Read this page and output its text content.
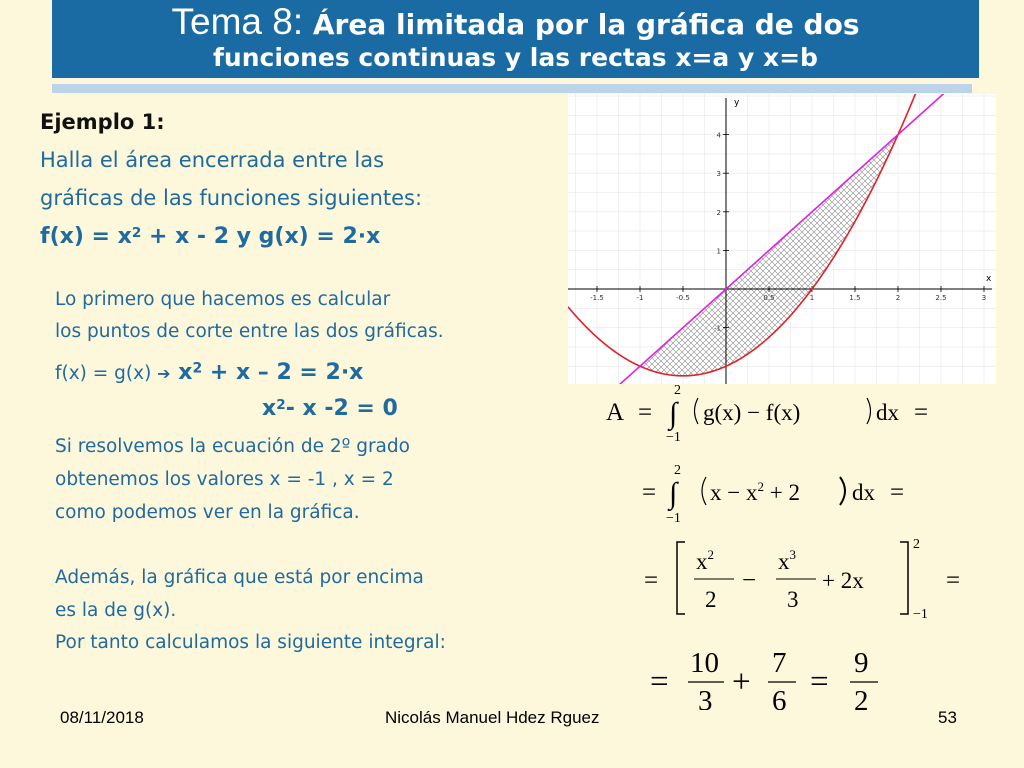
Tema 8: Área limitada por la gráfica de dos
funciones continuas y las rectas x=a y x=b
Ejemplo 1:
Halla el área encerrada entre las
gráficas de las funciones siguientes:
$f(x) = x^2 + x - 2$ y g(x) = 2·x
Lo primero que hacemos es calcular
los puntos de corte entre las dos gráficas.
f(x) = g(x) ➔ $x^2 + x - 2 = 2\cdot x$
$x^2-$ x -2 = 0
Si resolvemos la ecuación de 2º grado
obtenemos los valores x = -1 , x = 2
como podemos ver en la gráfica.
Además, la gráfica que está por encima
es la de g(x).
Por tanto calculamos la siguiente integral:
-1.5	-1	-0.5	0.5	1	1.5	2	2.5	3
4
3
2
1
-1
x
y
A = ∫
2
−1
g(x) − f(x)	dx =
= ∫
2
−1
$x - x^2 + 2$ dx =
=
$x^2$
2
−
$x^3$
3
+ 2x
2
−1
=
=
10
3
+
7
6
=
9
2
08/11/2018	Nicolás Manuel Hdez Rguez	53
